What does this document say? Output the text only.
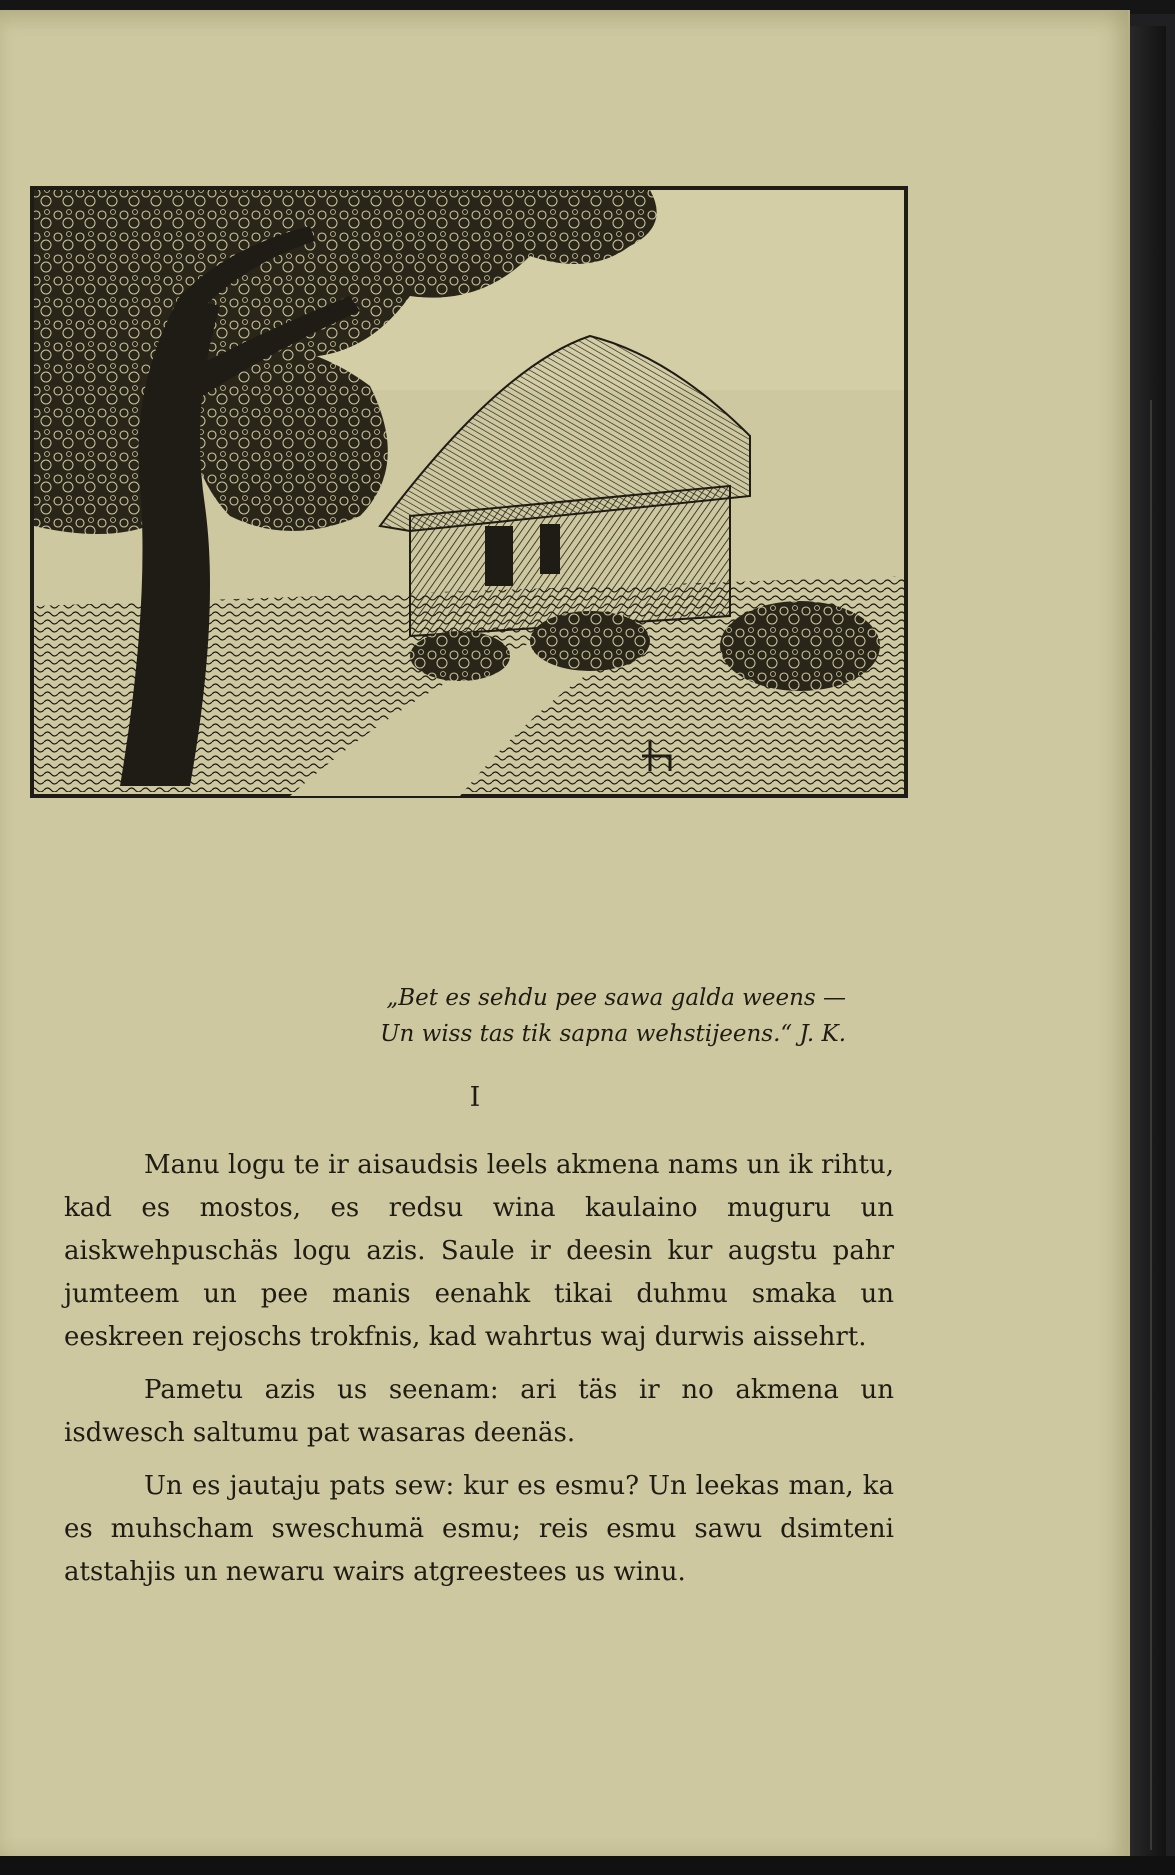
„Bet es sehdu pee sawa galda weens —
Un wiss tas tik sapna wehstijeens.“ J. K.
I

Manu logu te ir aisaudsis leels akmena nams un ik rihtu, kad es mostos, es redsu wina kaulaino muguru un aiskwehpuschäs logu azis. Saule ir deesin kur augstu pahr jumteem un pee manis eenahk tikai duhmu smaka un eeskreen rejoschs trokfnis, kad wahrtus waj durwis aissehrt.

Pametu azis us seenam: ari täs ir no akmena un isdwesch saltumu pat wasaras deenäs.

Un es jautaju pats sew: kur es esmu? Un leekas man, ka es muhscham sweschumä esmu; reis esmu sawu dsimteni atstahjis un newaru wairs atgreestees us winu.
